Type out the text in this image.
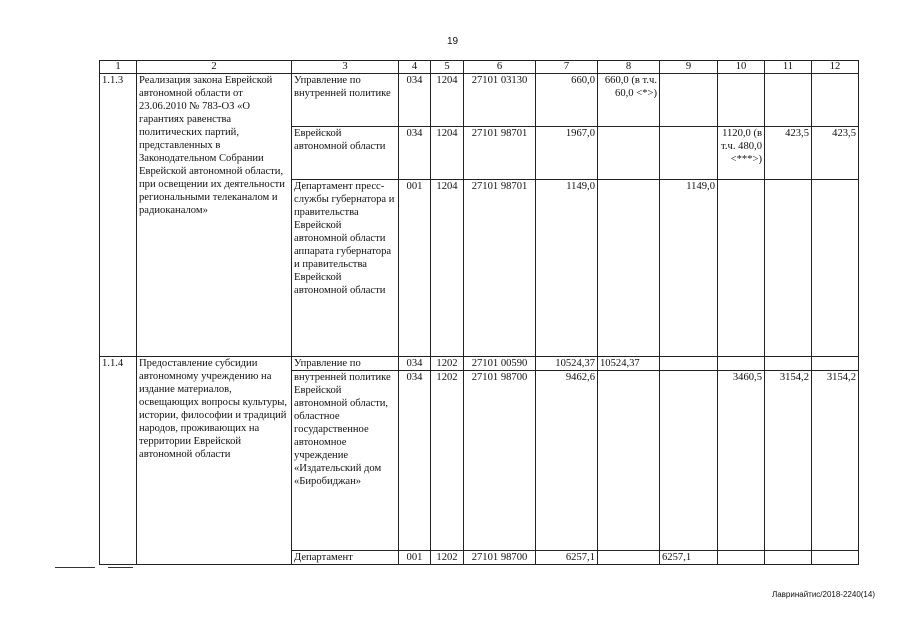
19
1	2	3	4	5	6	7	8	9	10	11	12
1.1.3	Реализация закона Еврейской автономной области от 23.06.2010 № 783-ОЗ «О гарантиях равенства политических партий, представленных в Законодательном Собрании Еврейской автономной области, при освещении их деятельности региональными телеканалом и радиоканалом»	Управление по внутренней политике	034	1204	27101 03130	660,0	660,0 (в т.ч. 60,0 <*>)				
		Еврейской автономной области	034	1204	27101 98701	1967,0			1120,0 (в т.ч. 480,0 <***>)	423,5	423,5
		Департамент пресс-службы губернатора и правительства Еврейской автономной области аппарата губернатора и правительства Еврейской автономной области	001	1204	27101 98701	1149,0		1149,0			
1.1.4	Предоставление субсидии автономному учреждению на издание материалов, освещающих вопросы культуры, истории, философии и традиций народов, проживающих на территории Еврейской автономной области	Управление по	034	1202	27101 00590	10524,37	10524,37				
		внутренней политике Еврейской автономной области, областное государственное автономное учреждение «Издательский дом «Биробиджан»	034	1202	27101 98700	9462,6			3460,5	3154,2	3154,2
		Департамент	001	1202	27101 98700	6257,1		6257,1			
Лавринайтис/2018-2240(14)
